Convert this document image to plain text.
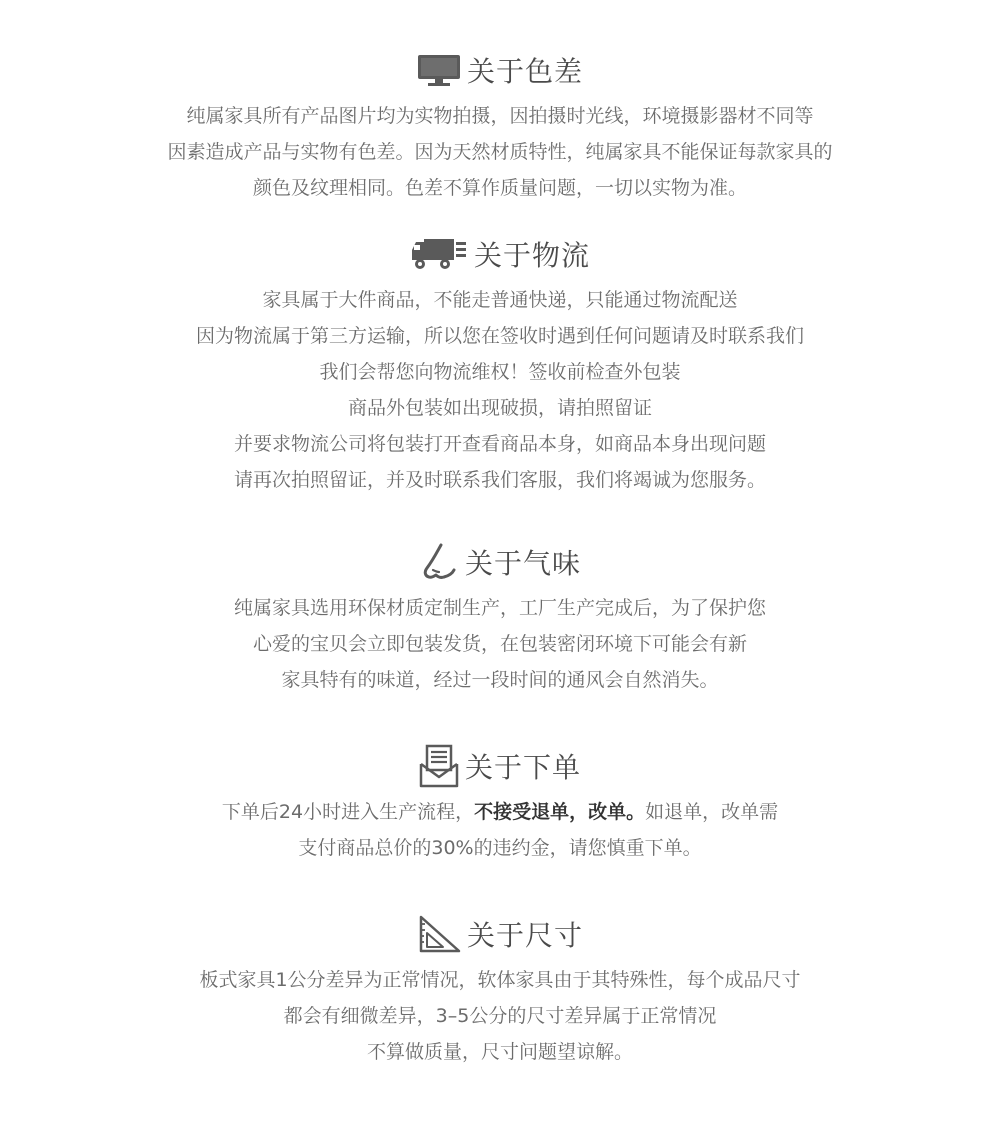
关于色差
纯属家具所有产品图片均为实物拍摄，因拍摄时光线，环境摄影器材不同等
因素造成产品与实物有色差。因为天然材质特性，纯属家具不能保证每款家具的
颜色及纹理相同。色差不算作质量问题，一切以实物为准。
关于物流
家具属于大件商品，不能走普通快递，只能通过物流配送
因为物流属于第三方运输，所以您在签收时遇到任何问题请及时联系我们
我们会帮您向物流维权！签收前检查外包装
商品外包装如出现破损，请拍照留证
并要求物流公司将包装打开查看商品本身，如商品本身出现问题
请再次拍照留证，并及时联系我们客服，我们将竭诚为您服务。
关于气味
纯属家具选用环保材质定制生产，工厂生产完成后，为了保护您
心爱的宝贝会立即包装发货，在包装密闭环境下可能会有新
家具特有的味道，经过一段时间的通风会自然消失。
关于下单
下单后24小时进入生产流程，不接受退单，改单。如退单，改单需
支付商品总价的30%的违约金，请您慎重下单。
关于尺寸
板式家具1公分差异为正常情况，软体家具由于其特殊性，每个成品尺寸
都会有细微差异，3–5公分的尺寸差异属于正常情况
不算做质量，尺寸问题望谅解。
